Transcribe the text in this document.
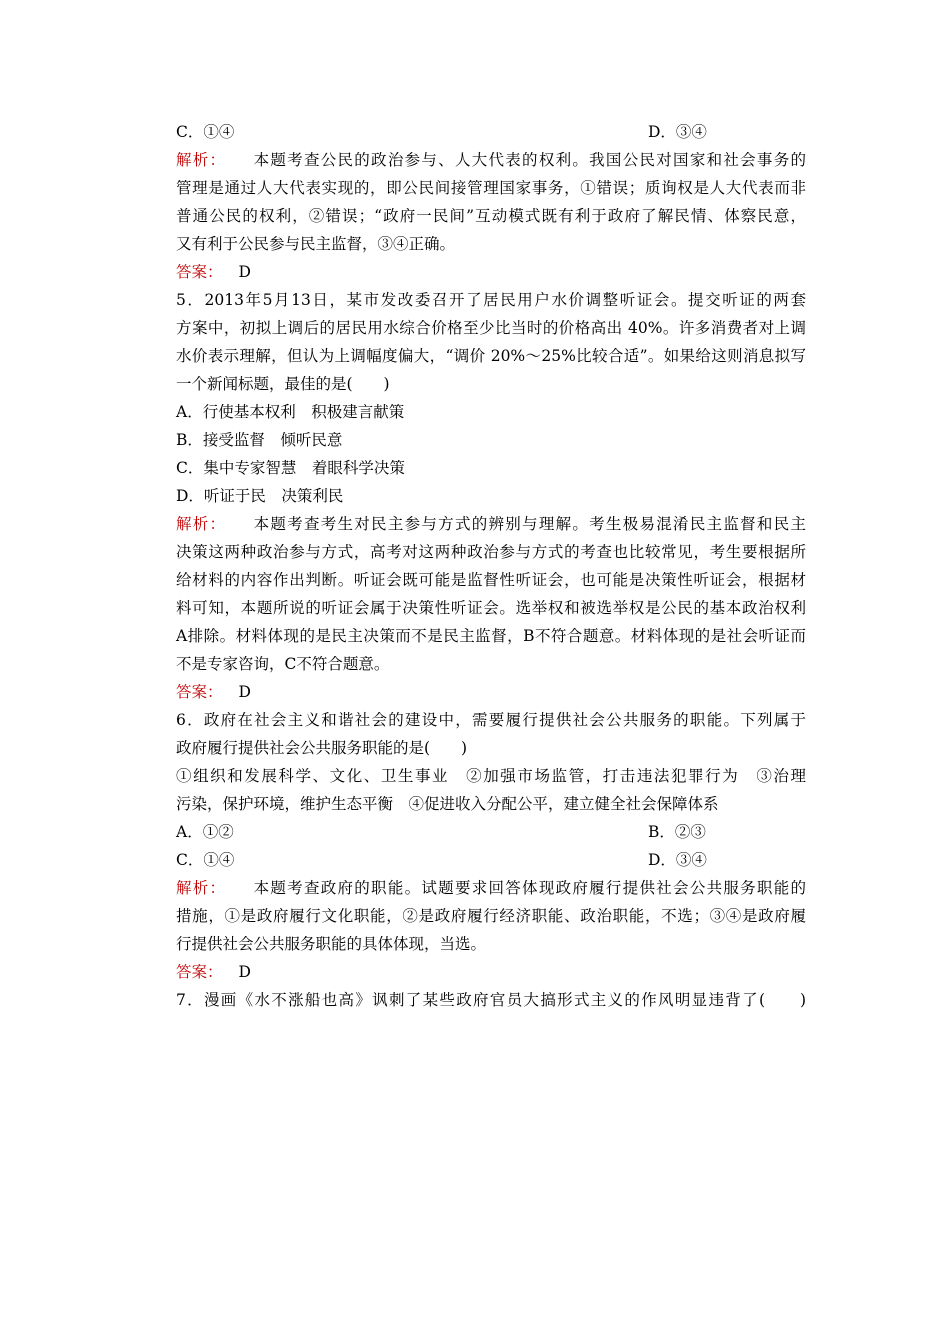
C．①④	D．③④
解析： 本题考查公民的政治参与、人大代表的权利。我国公民对国家和社会事务的
管理是通过人大代表实现的，即公民间接管理国家事务，①错误；质询权是人大代表而非
普通公民的权利，②错误；“政府一民间”互动模式既有利于政府了解民情、体察民意，
又有利于公民参与民主监督，③④正确。
答案： D
5．2013年5月13日，某市发改委召开了居民用户水价调整听证会。提交听证的两套
方案中，初拟上调后的居民用水综合价格至少比当时的价格高出 40%。许多消费者对上调
水价表示理解，但认为上调幅度偏大，“调价 20%～25%比较合适”。如果给这则消息拟写
一个新闻标题，最佳的是(　　)
A．行使基本权利　积极建言献策
B．接受监督　倾听民意
C．集中专家智慧　着眼科学决策
D．听证于民　决策利民
解析： 本题考查考生对民主参与方式的辨别与理解。考生极易混淆民主监督和民主
决策这两种政治参与方式，高考对这两种政治参与方式的考查也比较常见，考生要根据所
给材料的内容作出判断。听证会既可能是监督性听证会，也可能是决策性听证会，根据材
料可知，本题所说的听证会属于决策性听证会。选举权和被选举权是公民的基本政治权利
A排除。材料体现的是民主决策而不是民主监督，B不符合题意。材料体现的是社会听证而
不是专家咨询，C不符合题意。
答案： D
6．政府在社会主义和谐社会的建设中，需要履行提供社会公共服务的职能。下列属于
政府履行提供社会公共服务职能的是(　　)
①组织和发展科学、文化、卫生事业　②加强市场监管，打击违法犯罪行为　③治理
污染，保护环境，维护生态平衡　④促进收入分配公平，建立健全社会保障体系
A．①②	B．②③
C．①④	D．③④
解析： 本题考查政府的职能。试题要求回答体现政府履行提供社会公共服务职能的
措施，①是政府履行文化职能，②是政府履行经济职能、政治职能，不选；③④是政府履
行提供社会公共服务职能的具体体现，当选。
答案： D
7．漫画《水不涨船也高》讽刺了某些政府官员大搞形式主义的作风明显违背了(　　)
